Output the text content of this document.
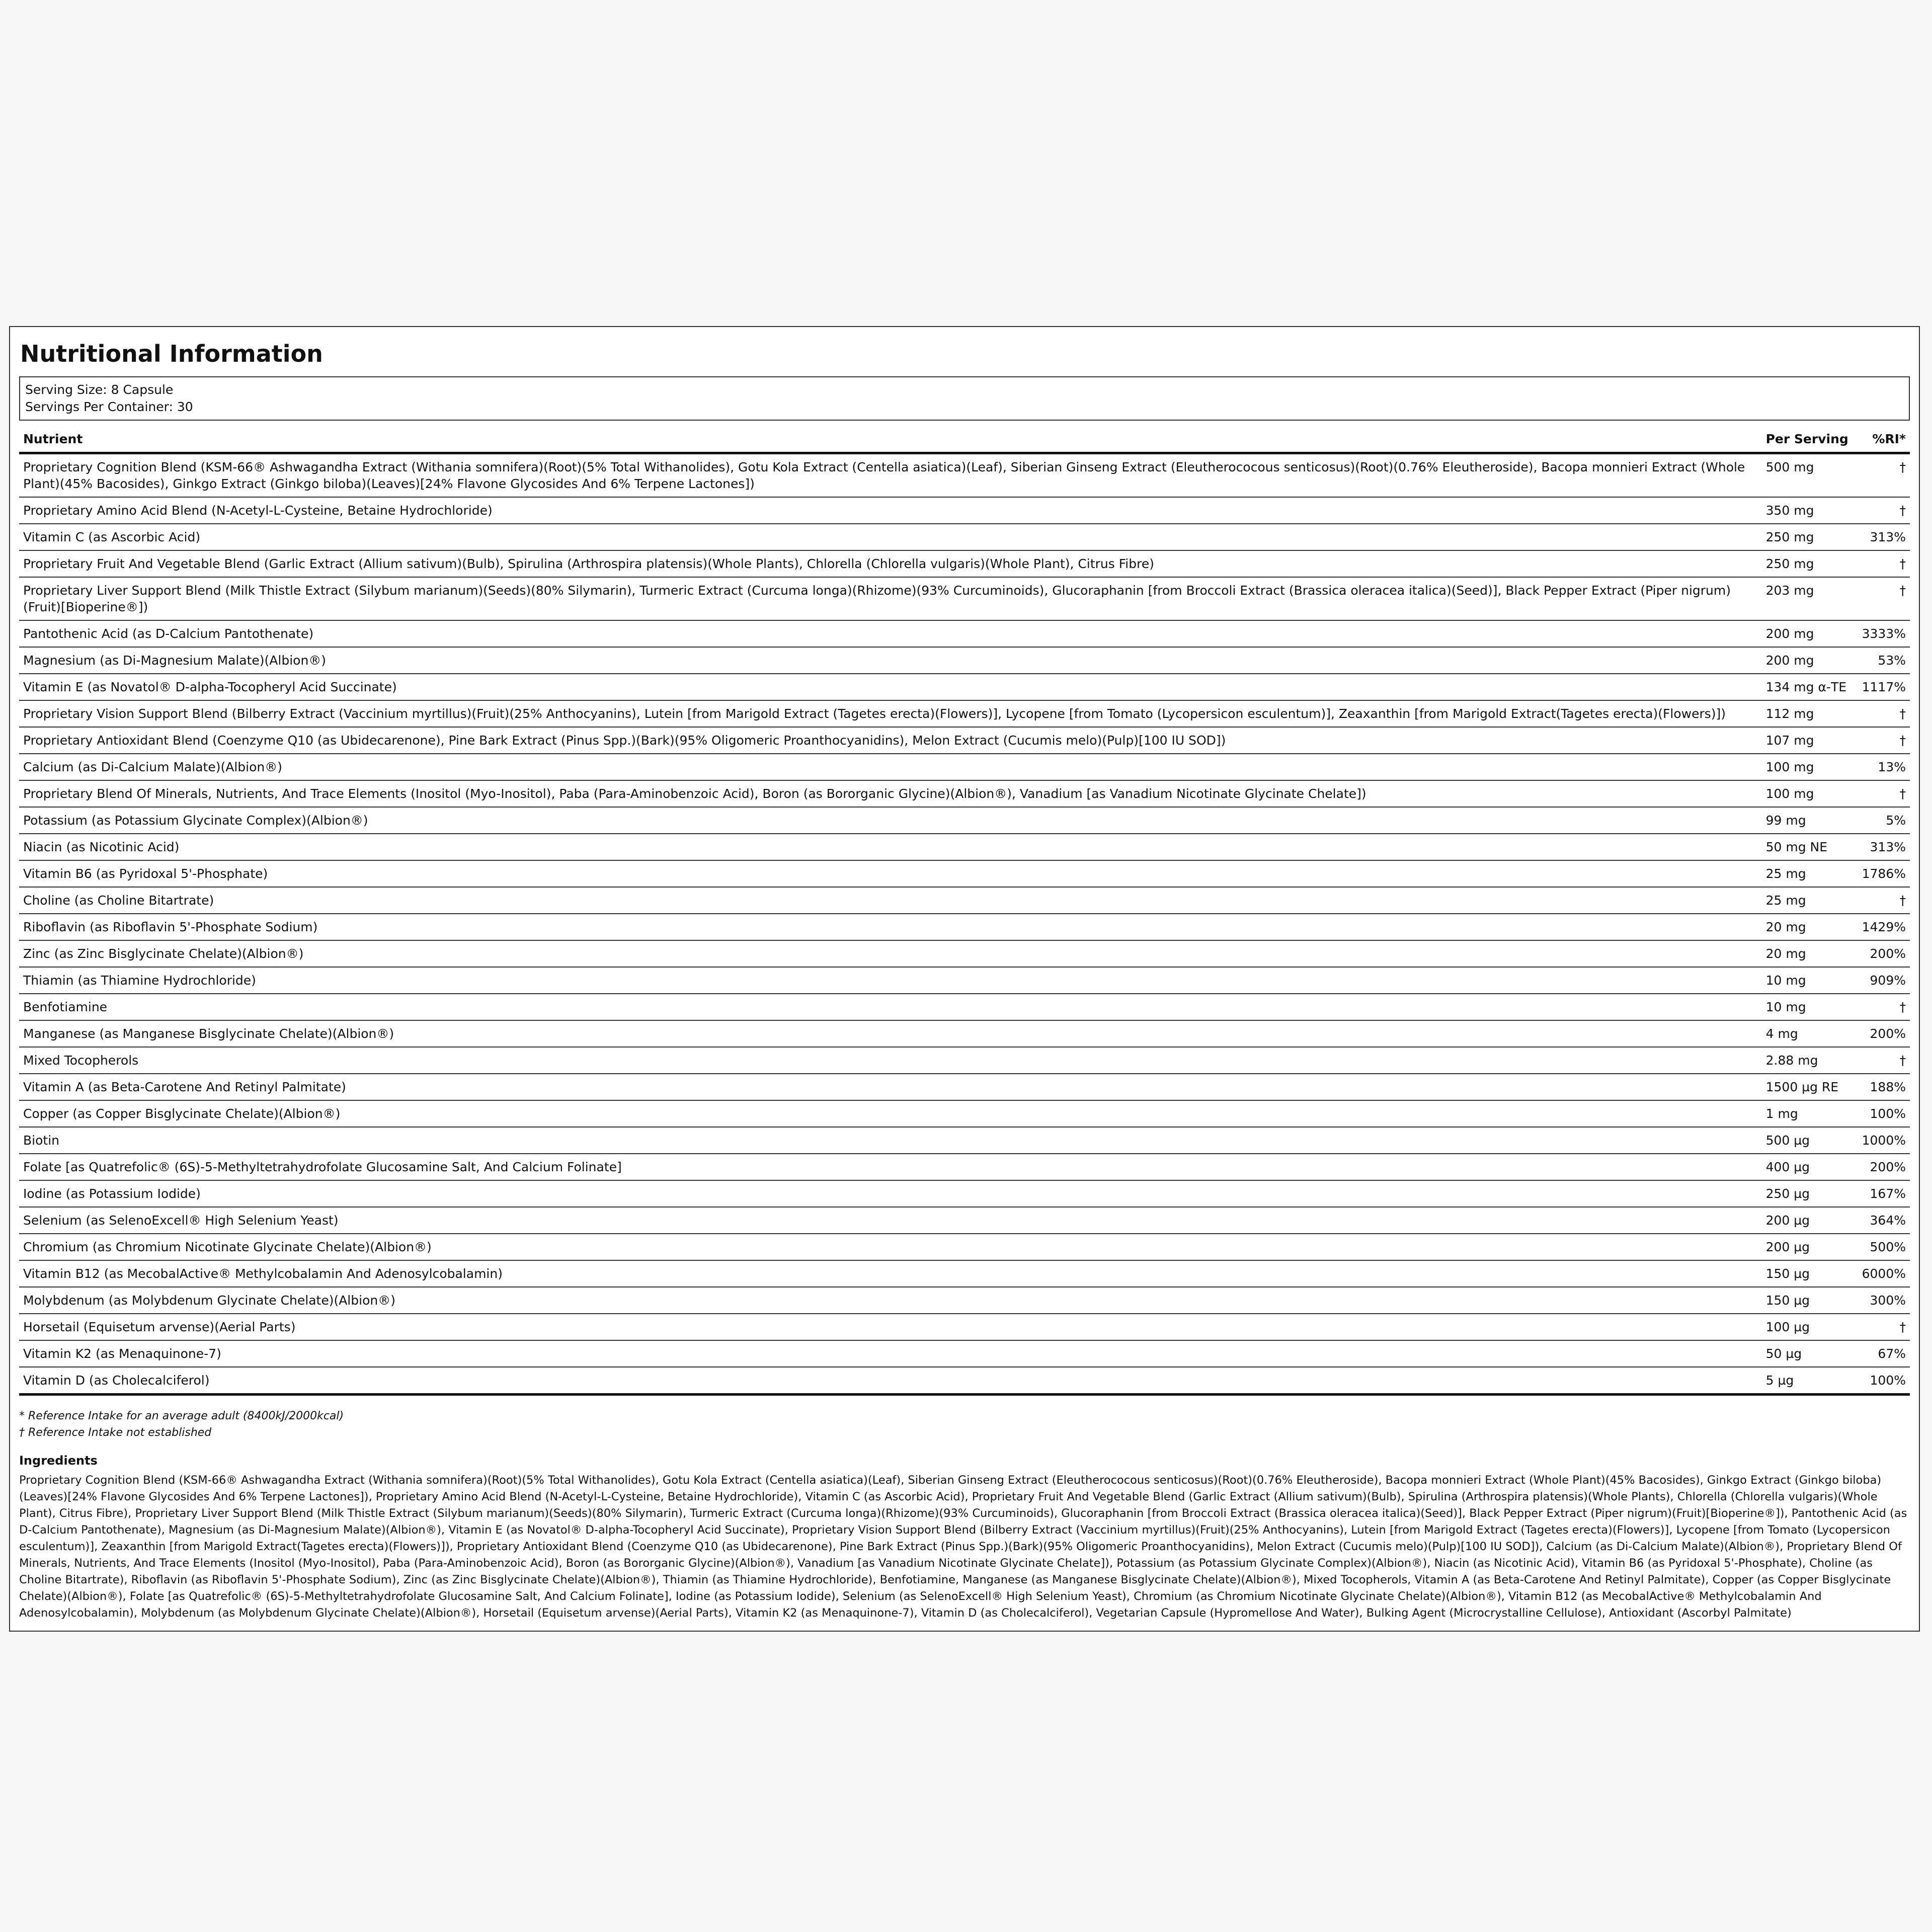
Nutritional Information
Serving Size: 8 Capsule
Servings Per Container: 30
Nutrient	Per Serving	%RI*
Proprietary Cognition Blend (KSM-66® Ashwagandha Extract (Withania somnifera)(Root)(5% Total Withanolides), Gotu Kola Extract (Centella asiatica)(Leaf), Siberian Ginseng Extract (Eleutherococous senticosus)(Root)(0.76% Eleutheroside), Bacopa monnieri Extract (Whole Plant)(45% Bacosides), Ginkgo Extract (Ginkgo biloba)(Leaves)[24% Flavone Glycosides And 6% Terpene Lactones])	500 mg	†
Proprietary Amino Acid Blend (N-Acetyl-L-Cysteine, Betaine Hydrochloride)	350 mg	†
Vitamin C (as Ascorbic Acid)	250 mg	313%
Proprietary Fruit And Vegetable Blend (Garlic Extract (Allium sativum)(Bulb), Spirulina (Arthrospira platensis)(Whole Plants), Chlorella (Chlorella vulgaris)(Whole Plant), Citrus Fibre)	250 mg	†
Proprietary Liver Support Blend (Milk Thistle Extract (Silybum marianum)(Seeds)(80% Silymarin), Turmeric Extract (Curcuma longa)(Rhizome)(93% Curcuminoids), Glucoraphanin [from Broccoli Extract (Brassica oleracea italica)(Seed)], Black Pepper Extract (Piper nigrum)(Fruit)[Bioperine®])	203 mg	†
Pantothenic Acid (as D-Calcium Pantothenate)	200 mg	3333%
Magnesium (as Di-Magnesium Malate)(Albion®)	200 mg	53%
Vitamin E (as Novatol® D-alpha-Tocopheryl Acid Succinate)	134 mg α-TE	1117%
Proprietary Vision Support Blend (Bilberry Extract (Vaccinium myrtillus)(Fruit)(25% Anthocyanins), Lutein [from Marigold Extract (Tagetes erecta)(Flowers)], Lycopene [from Tomato (Lycopersicon esculentum)], Zeaxanthin [from Marigold Extract(Tagetes erecta)(Flowers)])	112 mg	†
Proprietary Antioxidant Blend (Coenzyme Q10 (as Ubidecarenone), Pine Bark Extract (Pinus Spp.)(Bark)(95% Oligomeric Proanthocyanidins), Melon Extract (Cucumis melo)(Pulp)[100 IU SOD])	107 mg	†
Calcium (as Di-Calcium Malate)(Albion®)	100 mg	13%
Proprietary Blend Of Minerals, Nutrients, And Trace Elements (Inositol (Myo-Inositol), Paba (Para-Aminobenzoic Acid), Boron (as Bororganic Glycine)(Albion®), Vanadium [as Vanadium Nicotinate Glycinate Chelate])	100 mg	†
Potassium (as Potassium Glycinate Complex)(Albion®)	99 mg	5%
Niacin (as Nicotinic Acid)	50 mg NE	313%
Vitamin B6 (as Pyridoxal 5'-Phosphate)	25 mg	1786%
Choline (as Choline Bitartrate)	25 mg	†
Riboflavin (as Riboflavin 5'-Phosphate Sodium)	20 mg	1429%
Zinc (as Zinc Bisglycinate Chelate)(Albion®)	20 mg	200%
Thiamin (as Thiamine Hydrochloride)	10 mg	909%
Benfotiamine	10 mg	†
Manganese (as Manganese Bisglycinate Chelate)(Albion®)	4 mg	200%
Mixed Tocopherols	2.88 mg	†
Vitamin A (as Beta-Carotene And Retinyl Palmitate)	1500 µg RE	188%
Copper (as Copper Bisglycinate Chelate)(Albion®)	1 mg	100%
Biotin	500 µg	1000%
Folate [as Quatrefolic® (6S)-5-Methyltetrahydrofolate Glucosamine Salt, And Calcium Folinate]	400 µg	200%
Iodine (as Potassium Iodide)	250 µg	167%
Selenium (as SelenoExcell® High Selenium Yeast)	200 µg	364%
Chromium (as Chromium Nicotinate Glycinate Chelate)(Albion®)	200 µg	500%
Vitamin B12 (as MecobalActive® Methylcobalamin And Adenosylcobalamin)	150 µg	6000%
Molybdenum (as Molybdenum Glycinate Chelate)(Albion®)	150 µg	300%
Horsetail (Equisetum arvense)(Aerial Parts)	100 µg	†
Vitamin K2 (as Menaquinone-7)	50 µg	67%
Vitamin D (as Cholecalciferol)	5 µg	100%
* Reference Intake for an average adult (8400kJ/2000kcal)
† Reference Intake not established
Ingredients
Proprietary Cognition Blend (KSM-66® Ashwagandha Extract (Withania somnifera)(Root)(5% Total Withanolides), Gotu Kola Extract (Centella asiatica)(Leaf), Siberian Ginseng Extract (Eleutherococous senticosus)(Root)(0.76% Eleutheroside), Bacopa monnieri Extract (Whole Plant)(45% Bacosides), Ginkgo Extract (Ginkgo biloba)(Leaves)[24% Flavone Glycosides And 6% Terpene Lactones]), Proprietary Amino Acid Blend (N-Acetyl-L-Cysteine, Betaine Hydrochloride), Vitamin C (as Ascorbic Acid), Proprietary Fruit And Vegetable Blend (Garlic Extract (Allium sativum)(Bulb), Spirulina (Arthrospira platensis)(Whole Plants), Chlorella (Chlorella vulgaris)(Whole Plant), Citrus Fibre), Proprietary Liver Support Blend (Milk Thistle Extract (Silybum marianum)(Seeds)(80% Silymarin), Turmeric Extract (Curcuma longa)(Rhizome)(93% Curcuminoids), Glucoraphanin [from Broccoli Extract (Brassica oleracea italica)(Seed)], Black Pepper Extract (Piper nigrum)(Fruit)[Bioperine®]), Pantothenic Acid (as D-Calcium Pantothenate), Magnesium (as Di-Magnesium Malate)(Albion®), Vitamin E (as Novatol® D-alpha-Tocopheryl Acid Succinate), Proprietary Vision Support Blend (Bilberry Extract (Vaccinium myrtillus)(Fruit)(25% Anthocyanins), Lutein [from Marigold Extract (Tagetes erecta)(Flowers)], Lycopene [from Tomato (Lycopersicon esculentum)], Zeaxanthin [from Marigold Extract(Tagetes erecta)(Flowers)]), Proprietary Antioxidant Blend (Coenzyme Q10 (as Ubidecarenone), Pine Bark Extract (Pinus Spp.)(Bark)(95% Oligomeric Proanthocyanidins), Melon Extract (Cucumis melo)(Pulp)[100 IU SOD]), Calcium (as Di-Calcium Malate)(Albion®), Proprietary Blend Of Minerals, Nutrients, And Trace Elements (Inositol (Myo-Inositol), Paba (Para-Aminobenzoic Acid), Boron (as Bororganic Glycine)(Albion®), Vanadium [as Vanadium Nicotinate Glycinate Chelate]), Potassium (as Potassium Glycinate Complex)(Albion®), Niacin (as Nicotinic Acid), Vitamin B6 (as Pyridoxal 5'-Phosphate), Choline (as Choline Bitartrate), Riboflavin (as Riboflavin 5'-Phosphate Sodium), Zinc (as Zinc Bisglycinate Chelate)(Albion®), Thiamin (as Thiamine Hydrochloride), Benfotiamine, Manganese (as Manganese Bisglycinate Chelate)(Albion®), Mixed Tocopherols, Vitamin A (as Beta-Carotene And Retinyl Palmitate), Copper (as Copper Bisglycinate Chelate)(Albion®), Folate [as Quatrefolic® (6S)-5-Methyltetrahydrofolate Glucosamine Salt, And Calcium Folinate], Iodine (as Potassium Iodide), Selenium (as SelenoExcell® High Selenium Yeast), Chromium (as Chromium Nicotinate Glycinate Chelate)(Albion®), Vitamin B12 (as MecobalActive® Methylcobalamin And Adenosylcobalamin), Molybdenum (as Molybdenum Glycinate Chelate)(Albion®), Horsetail (Equisetum arvense)(Aerial Parts), Vitamin K2 (as Menaquinone-7), Vitamin D (as Cholecalciferol), Vegetarian Capsule (Hypromellose And Water), Bulking Agent (Microcrystalline Cellulose), Antioxidant (Ascorbyl Palmitate)
